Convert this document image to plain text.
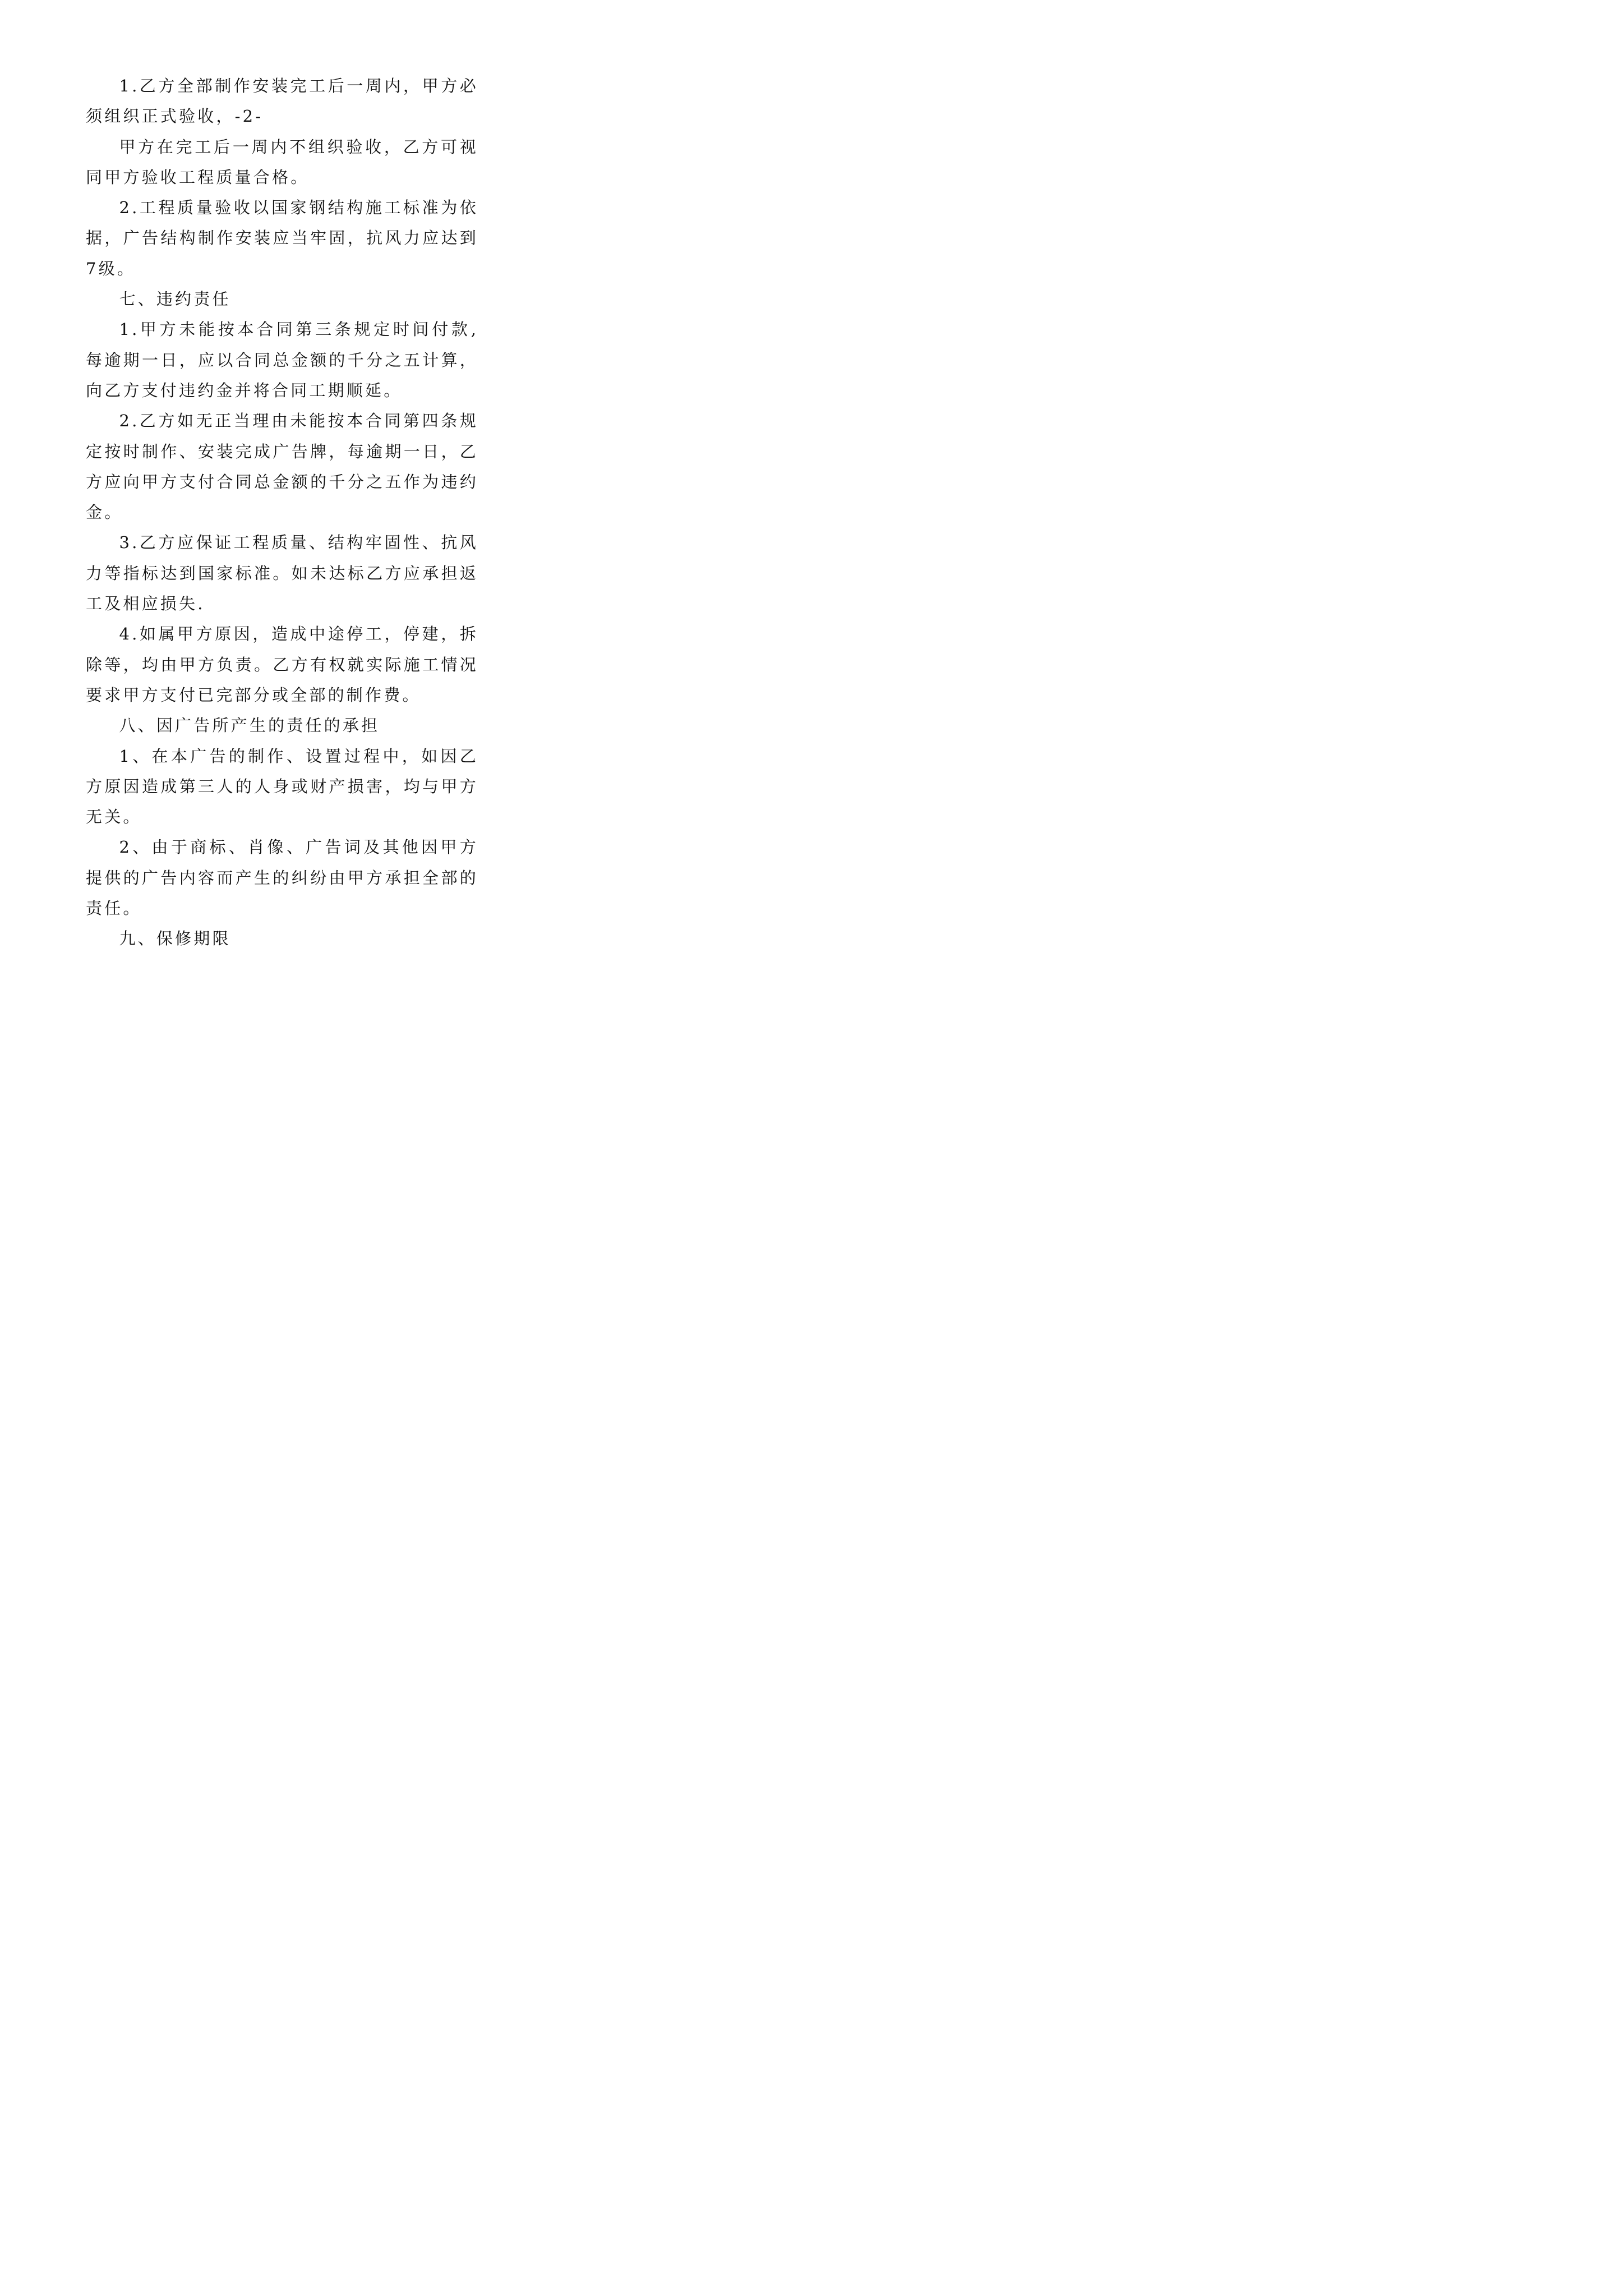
1.乙方全部制作安装完工后一周内，甲方必须组织正式验收，-2-

甲方在完工后一周内不组织验收，乙方可视同甲方验收工程质量合格。

2.工程质量验收以国家钢结构施工标准为依据，广告结构制作安装应当牢固，抗风力应达到7级。

七、违约责任

1.甲方未能按本合同第三条规定时间付款,每逾期一日，应以合同总金额的千分之五计算，向乙方支付违约金并将合同工期顺延。

2.乙方如无正当理由未能按本合同第四条规定按时制作、安装完成广告牌，每逾期一日，乙方应向甲方支付合同总金额的千分之五作为违约金。

3.乙方应保证工程质量、结构牢固性、抗风力等指标达到国家标准。如未达标乙方应承担返工及相应损失.

4.如属甲方原因，造成中途停工，停建，拆除等，均由甲方负责。乙方有权就实际施工情况要求甲方支付已完部分或全部的制作费。

八、因广告所产生的责任的承担

1、在本广告的制作、设置过程中，如因乙方原因造成第三人的人身或财产损害，均与甲方无关。

2、由于商标、肖像、广告词及其他因甲方提供的广告内容而产生的纠纷由甲方承担全部的责任。

九、保修期限
